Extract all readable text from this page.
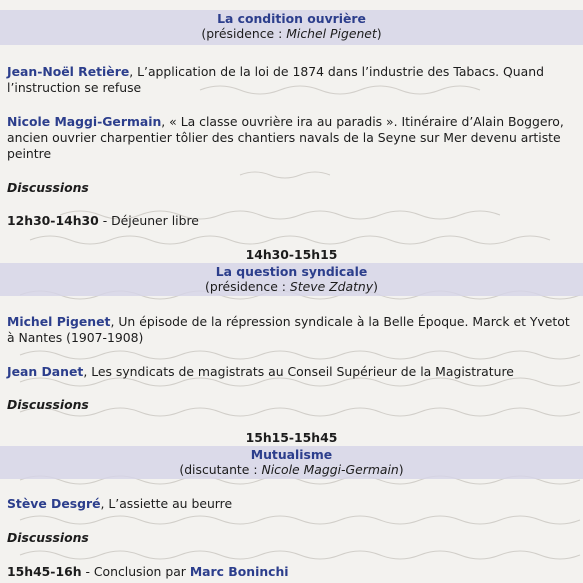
La condition ouvrière
(présidence : Michel Pigenet)
Jean-Noël Retière, L’application de la loi de 1874 dans l’industrie des Tabacs. Quand l’instruction se refuse
Nicole Maggi-Germain, « La classe ouvrière ira au paradis ». Itinéraire d’Alain Boggero, ancien ouvrier charpentier tôlier des chantiers navals de la Seyne sur Mer devenu artiste peintre
Discussions
12h30-14h30 - Déjeuner libre
14h30-15h15
La question syndicale
(présidence : Steve Zdatny)
Michel Pigenet, Un épisode de la répression syndicale à la Belle Époque. Marck et Yvetot à Nantes (1907-1908)
Jean Danet, Les syndicats de magistrats au Conseil Supérieur de la Magistrature
Discussions
15h15-15h45
Mutualisme
(discutante : Nicole Maggi-Germain)
Stève Desgré, L’assiette au beurre
Discussions
15h45-16h - Conclusion par Marc Boninchi
